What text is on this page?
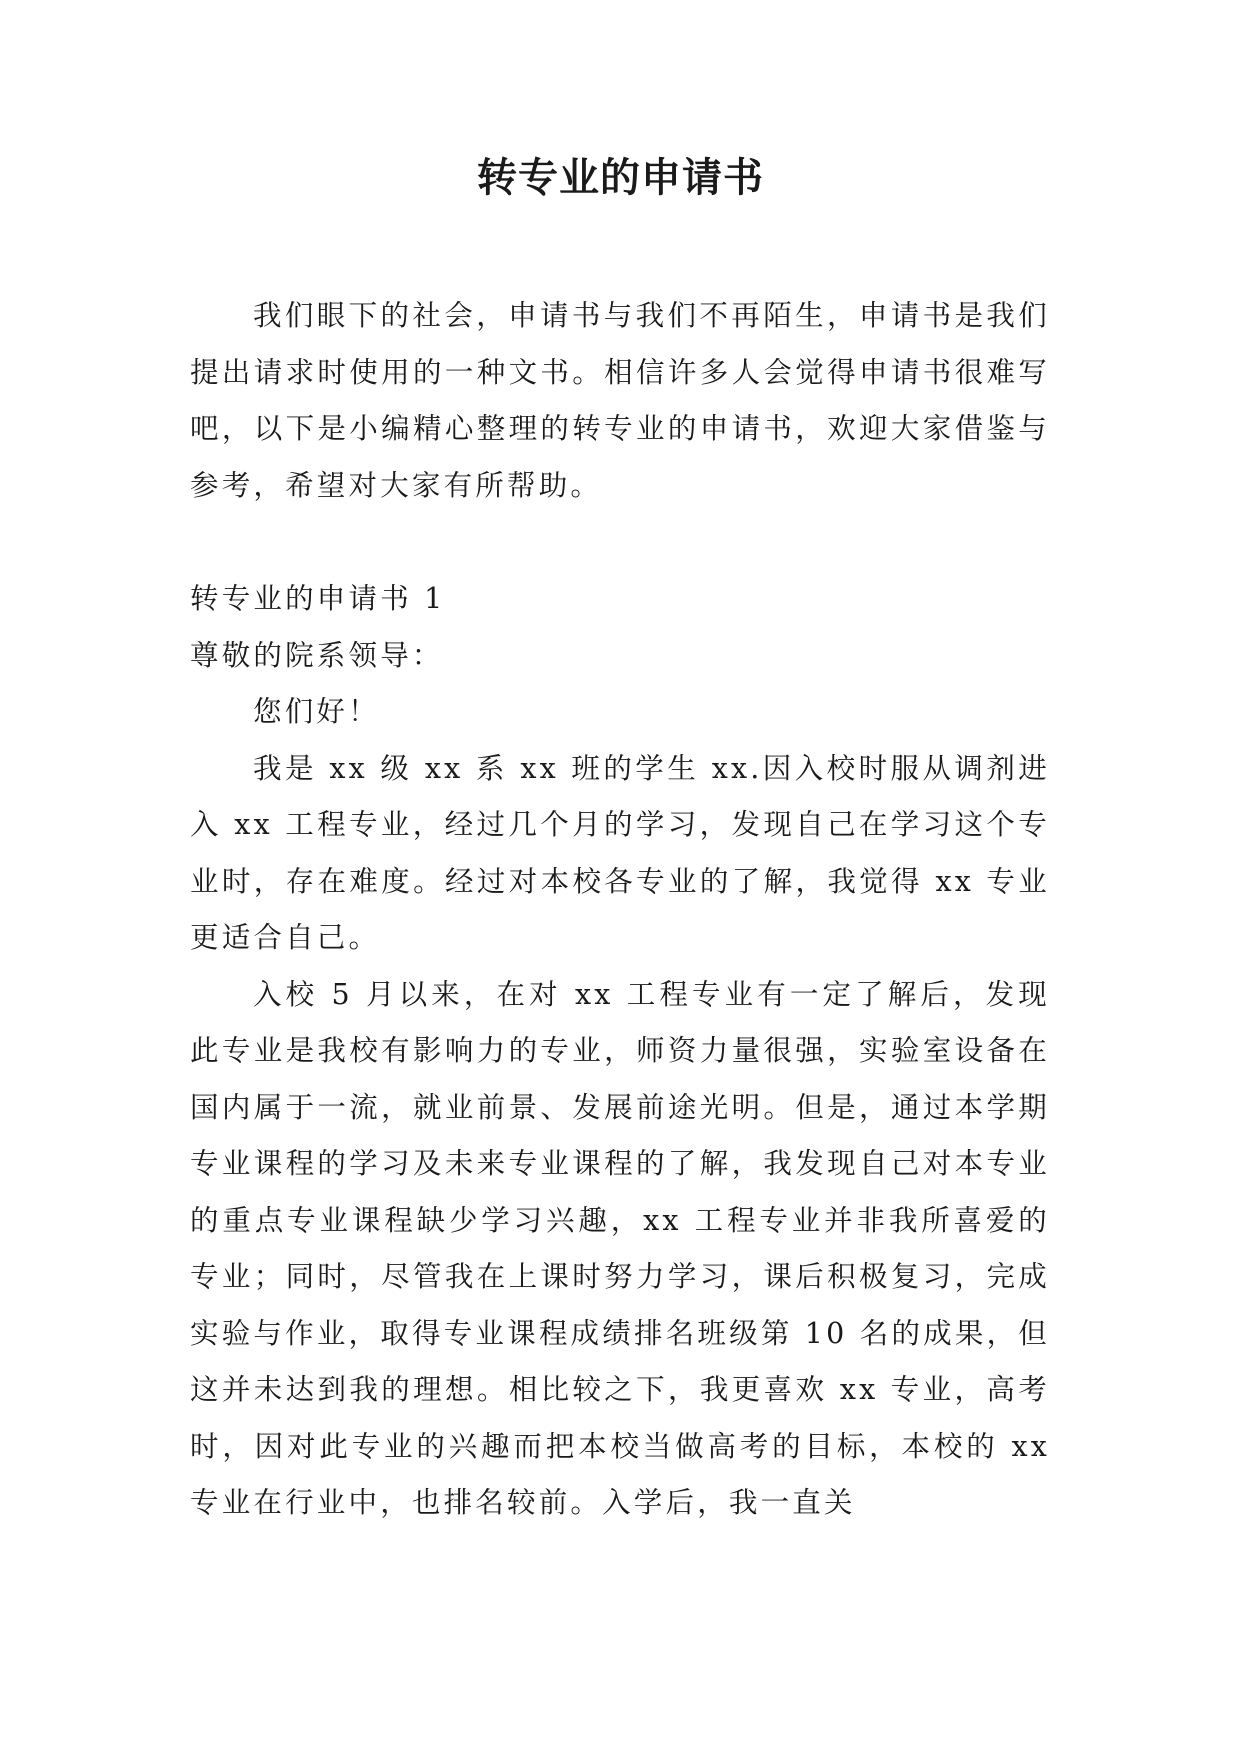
转专业的申请书

我们眼下的社会，申请书与我们不再陌生，申请书是我们提出请求时使用的一种文书。相信许多人会觉得申请书很难写吧，以下是小编精心整理的转专业的申请书，欢迎大家借鉴与参考，希望对大家有所帮助。

转专业的申请书 1

尊敬的院系领导：

您们好！

我是 xx 级 xx 系 xx 班的学生 xx.因入校时服从调剂进入 xx 工程专业，经过几个月的学习，发现自己在学习这个专业时，存在难度。经过对本校各专业的了解，我觉得 xx 专业更适合自己。

入校 5 月以来，在对 xx 工程专业有一定了解后，发现此专业是我校有影响力的专业，师资力量很强，实验室设备在国内属于一流，就业前景、发展前途光明。但是，通过本学期专业课程的学习及未来专业课程的了解，我发现自己对本专业的重点专业课程缺少学习兴趣，xx 工程专业并非我所喜爱的专业；同时，尽管我在上课时努力学习，课后积极复习，完成实验与作业，取得专业课程成绩排名班级第 10 名的成果，但这并未达到我的理想。相比较之下，我更喜欢 xx 专业，高考时，因对此专业的兴趣而把本校当做高考的目标，本校的 xx 专业在行业中，也排名较前。入学后，我一直关
